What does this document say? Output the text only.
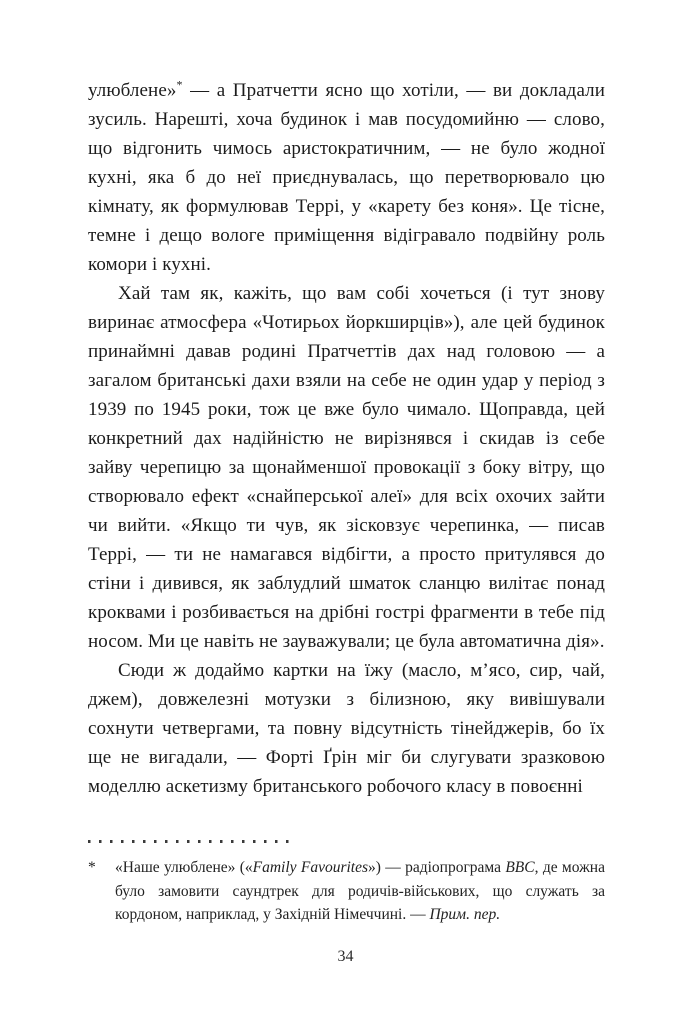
улюблене»* — а Пратчетти ясно що хотіли, — ви докладали зусиль. Нарешті, хоча будинок і мав посудомийню — слово, що відгонить чимось аристократичним, — не було жодної кухні, яка б до неї приєднувалась, що перетворювало цю кімнату, як формулював Террі, у «карету без коня». Це тісне, темне і дещо вологе приміщення відігравало подвійну роль комори і кухні.

Хай там як, кажіть, що вам собі хочеться (і тут знову виринає атмосфера «Чотирьох йоркширців»), але цей будинок принаймні давав родині Пратчеттів дах над головою — а загалом британські дахи взяли на себе не один удар у період з 1939 по 1945 роки, тож це вже було чимало. Щоправда, цей конкретний дах надійністю не вирізнявся і скидав із себе зайву черепицю за щонайменшої провокації з боку вітру, що створювало ефект «снайперської алеї» для всіх охочих зайти чи вийти. «Якщо ти чув, як зісковзує черепинка, — писав Террі, — ти не намагався відбігти, а просто притулявся до стіни і дивився, як заблудлий шматок сланцю вилітає понад кроквами і розбивається на дрібні гострі фрагменти в тебе під носом. Ми це навіть не зауважували; це була автоматична дія».

Сюди ж додаймо картки на їжу (масло, м’ясо, сир, чай, джем), довжелезні мотузки з білизною, яку вивішували сохнути четвергами, та повну відсутність тінейджерів, бо їх ще не вигадали, — Форті Ґрін міг би слугувати зразковою моделлю аскетизму британського робочого класу в повоєнні

*	«Наше улюблене» («Family Favourites») — радіопрограма BBC, де можна було замовити саундтрек для родичів-військових, що служать за кордоном, наприклад, у Західній Німеччині. — Прим. пер.
34
